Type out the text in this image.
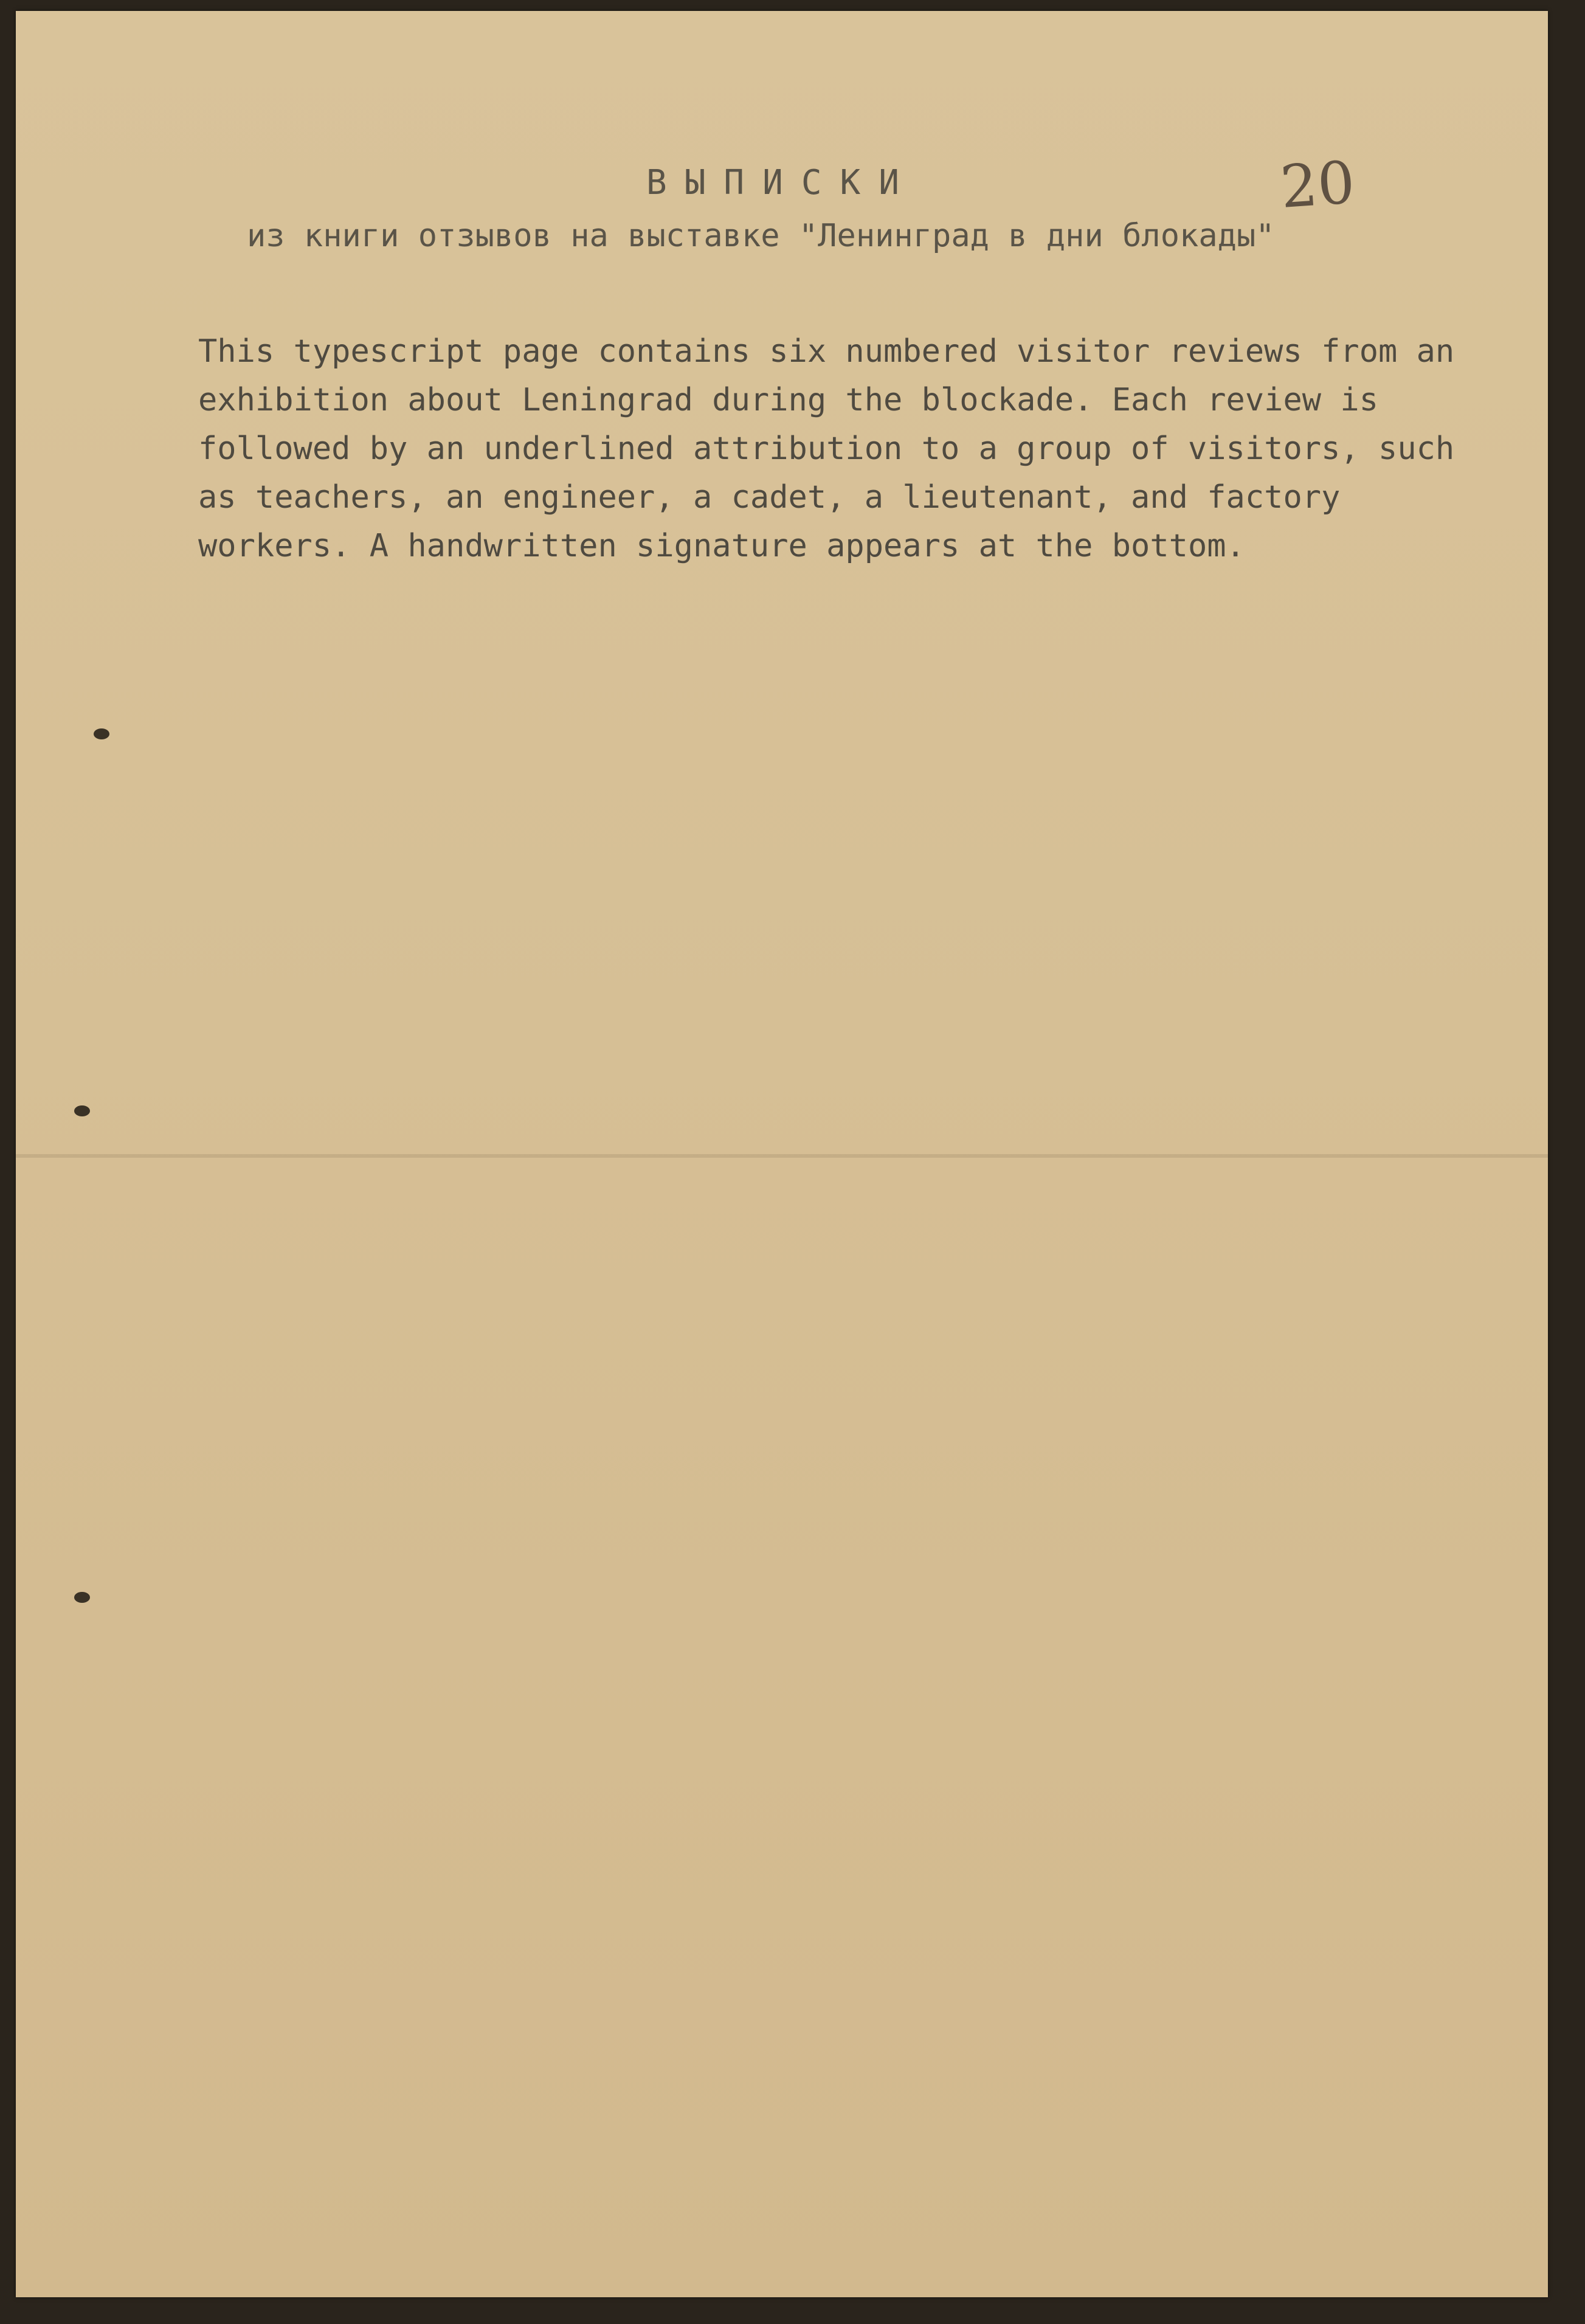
20
ВЫПИСКИ
из книги отзывов на выставке "Ленинград в дни блокады"
This typescript page contains six numbered visitor reviews from an exhibition about Leningrad during the blockade. Each review is followed by an underlined attribution to a group of visitors, such as teachers, an engineer, a cadet, a lieutenant, and factory workers. A handwritten signature appears at the bottom.
